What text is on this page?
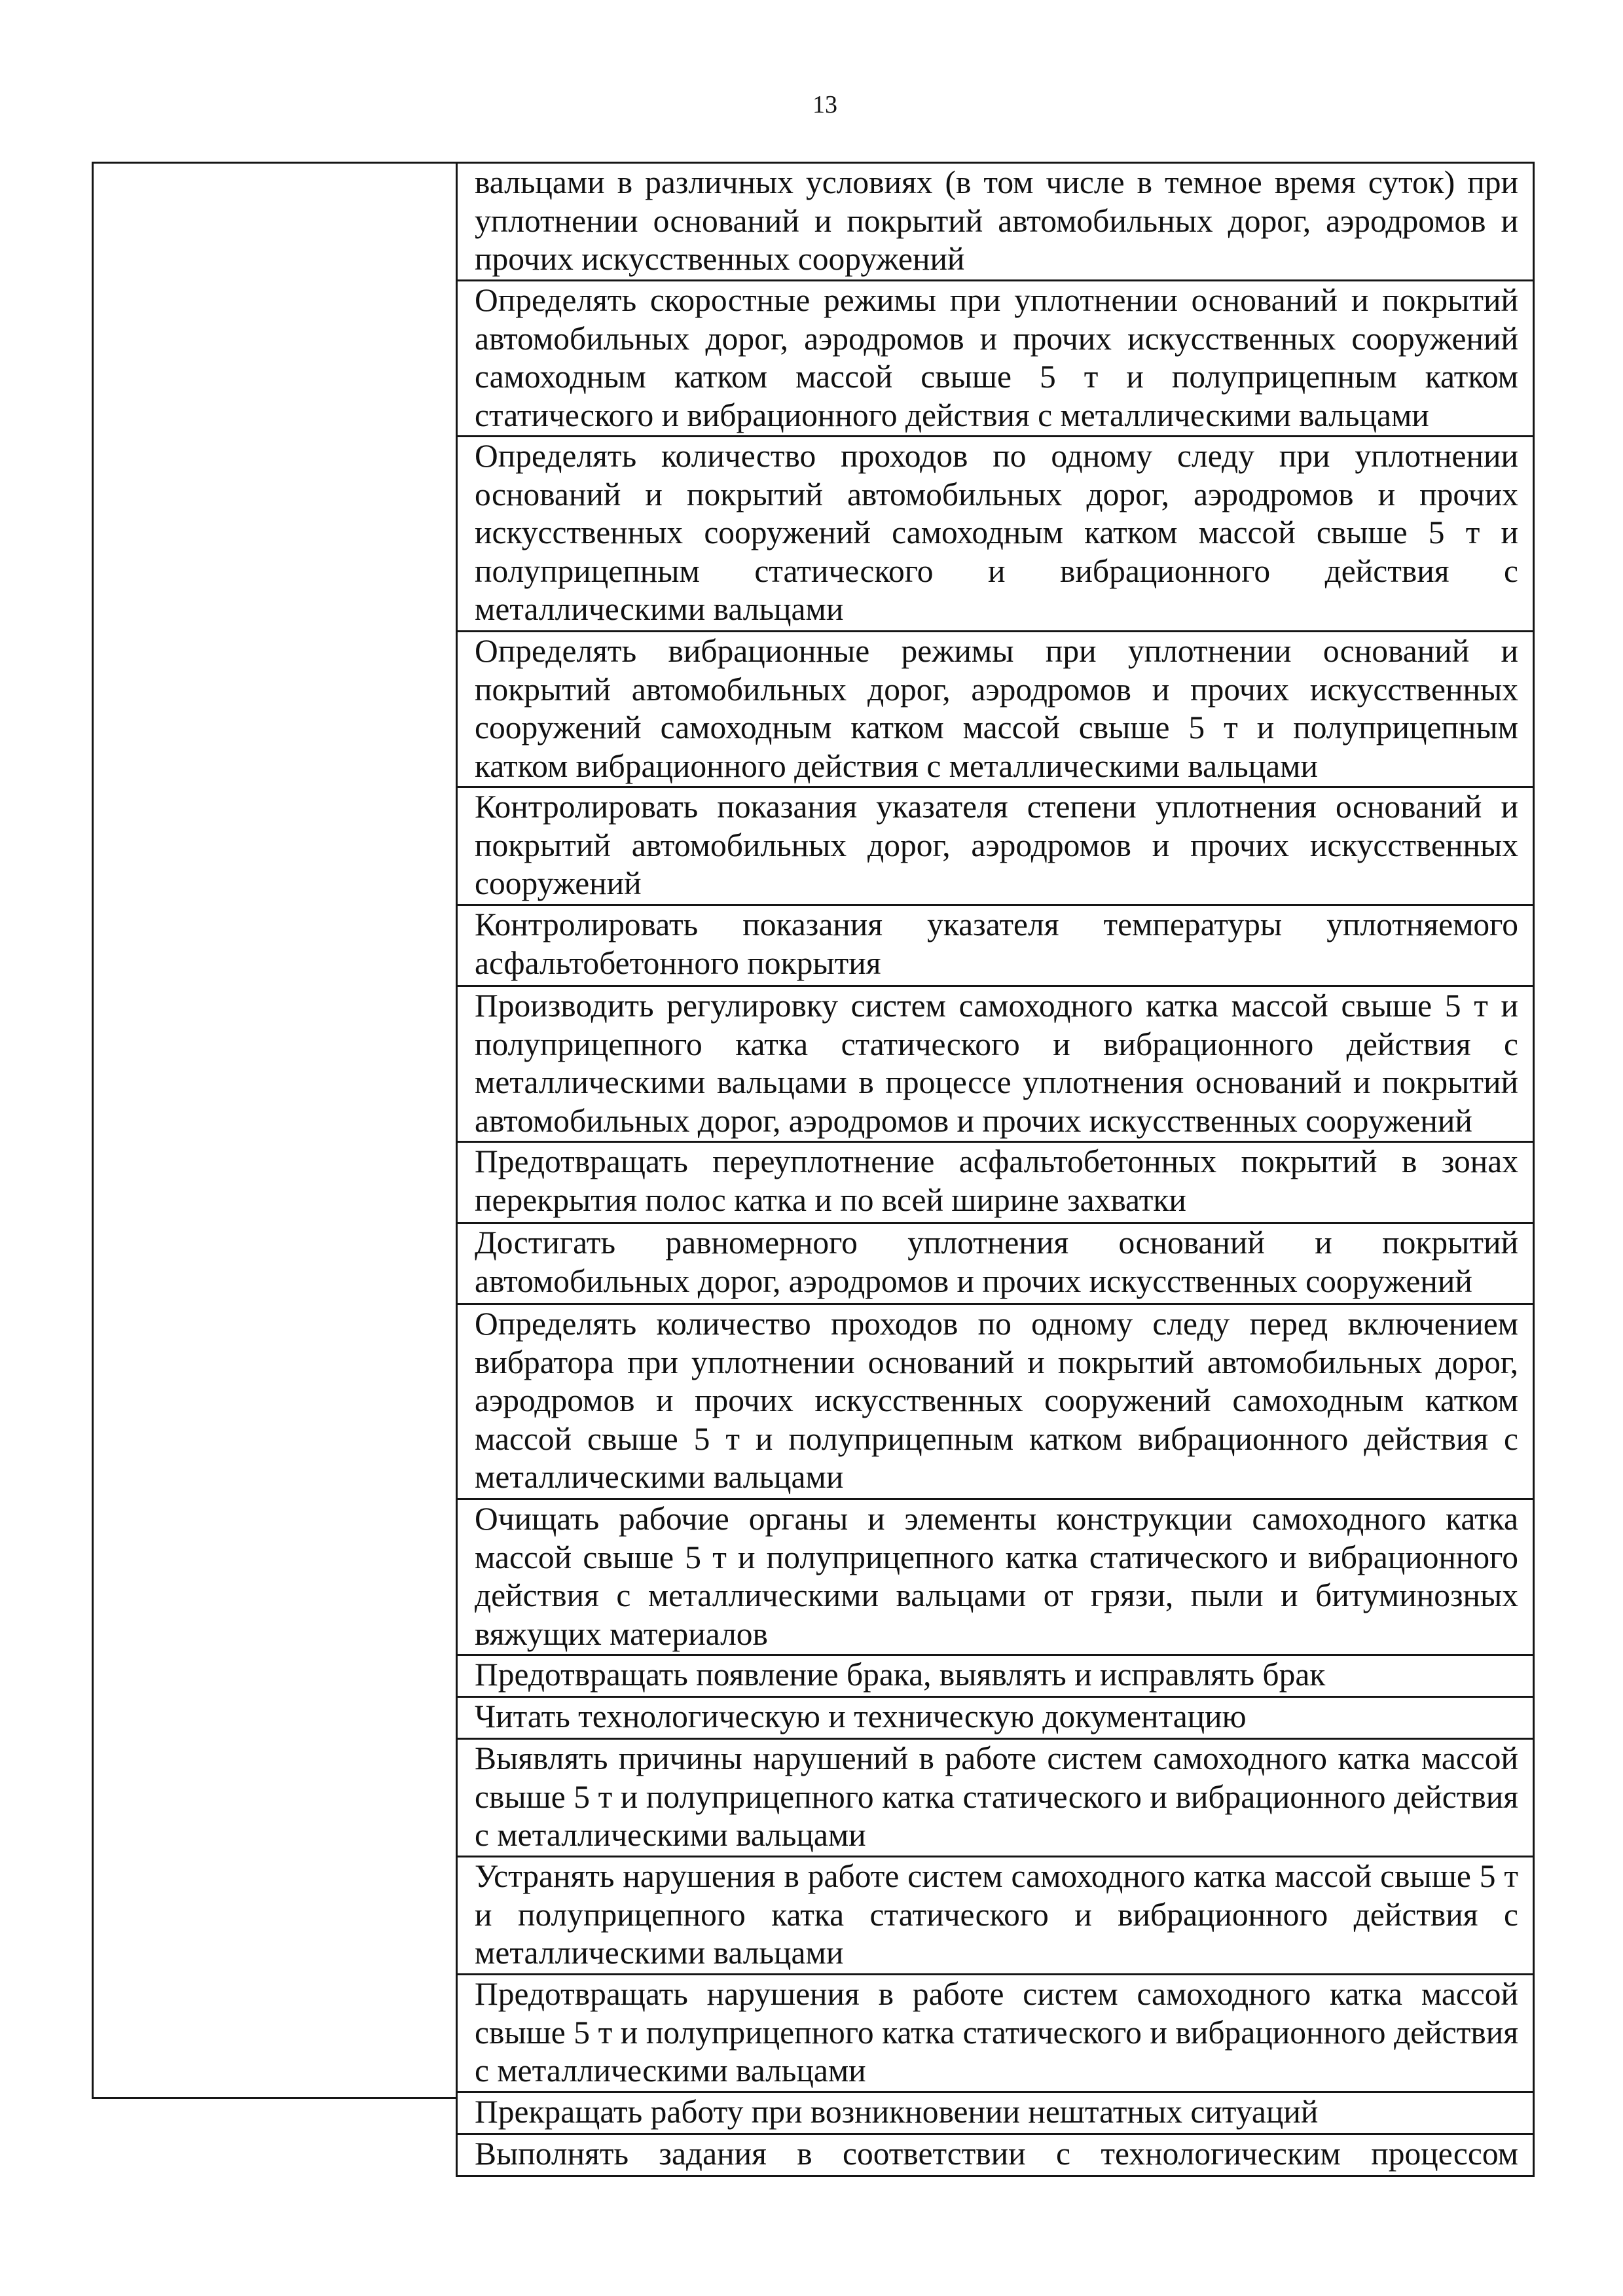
13
вальцами в различных условиях (в том числе в темное время суток) при уплотнении оснований и покрытий автомобильных дорог, аэродромов и прочих искусственных сооружений
Определять скоростные режимы при уплотнении оснований и покрытий автомобильных дорог, аэродромов и прочих искусственных сооружений самоходным катком массой свыше 5 т и полуприцепным катком статического и вибрационного действия с металлическими вальцами
Определять количество проходов по одному следу при уплотнении оснований и покрытий автомобильных дорог, аэродромов и прочих искусственных сооружений самоходным катком массой свыше 5 т и полуприцепным статического и вибрационного действия с металлическими вальцами
Определять вибрационные режимы при уплотнении оснований и покрытий автомобильных дорог, аэродромов и прочих искусственных сооружений самоходным катком массой свыше 5 т и полуприцепным катком вибрационного действия с металлическими вальцами
Контролировать показания указателя степени уплотнения оснований и покрытий автомобильных дорог, аэродромов и прочих искусственных сооружений
Контролировать показания указателя температуры уплотняемого асфальтобетонного покрытия
Производить регулировку систем самоходного катка массой свыше 5 т и полуприцепного катка статического и вибрационного действия с металлическими вальцами в процессе уплотнения оснований и покрытий автомобильных дорог, аэродромов и прочих искусственных сооружений
Предотвращать переуплотнение асфальтобетонных покрытий в зонах перекрытия полос катка и по всей ширине захватки
Достигать равномерного уплотнения оснований и покрытий автомобильных дорог, аэродромов и прочих искусственных сооружений
Определять количество проходов по одному следу перед включением вибратора при уплотнении оснований и покрытий автомобильных дорог, аэродромов и прочих искусственных сооружений самоходным катком массой свыше 5 т и полуприцепным катком вибрационного действия с металлическими вальцами
Очищать рабочие органы и элементы конструкции самоходного катка массой свыше 5 т и полуприцепного катка статического и вибрационного действия с металлическими вальцами от грязи, пыли и битуминозных вяжущих материалов
Предотвращать появление брака, выявлять и исправлять брак
Читать технологическую и техническую документацию
Выявлять причины нарушений в работе систем самоходного катка массой свыше 5 т и полуприцепного катка статического и вибрационного действия с металлическими вальцами
Устранять нарушения в работе систем самоходного катка массой свыше 5 т и полуприцепного катка статического и вибрационного действия с металлическими вальцами
Предотвращать нарушения в работе систем самоходного катка массой свыше 5 т и полуприцепного катка статического и вибрационного действия с металлическими вальцами
Прекращать работу при возникновении нештатных ситуаций
Выполнять задания в соответствии с технологическим процессом
